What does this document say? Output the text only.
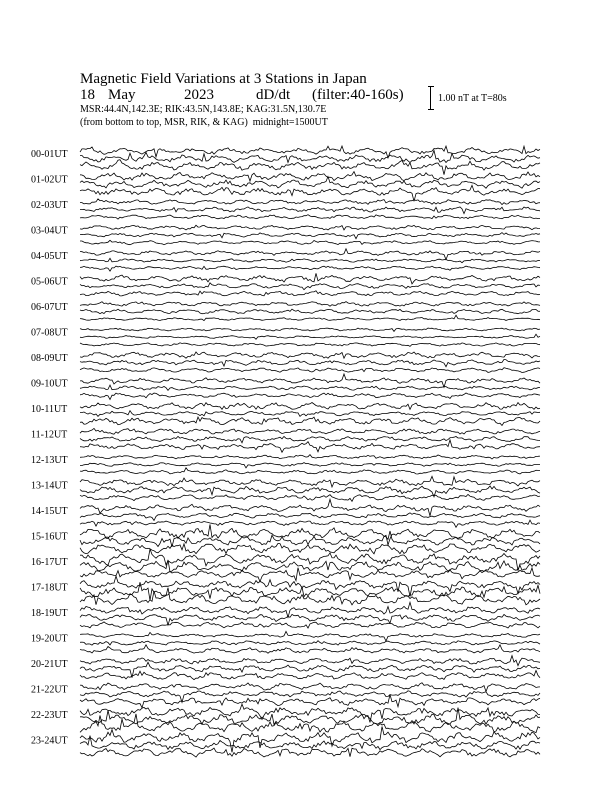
Magnetic Field Variations at 3 Stations in Japan
18 May	2023	dD/dt (filter:40-160s)
MSR:44.4N,142.3E; RIK:43.5N,143.8E; KAG:31.5N,130.7E
(from bottom to top, MSR, RIK, & KAG) midnight=1500UT
1.00 nT at T=80s
00-01UT
01-02UT
02-03UT
03-04UT
04-05UT
05-06UT
06-07UT
07-08UT
08-09UT
09-10UT
10-11UT
11-12UT
12-13UT
13-14UT
14-15UT
15-16UT
16-17UT
17-18UT
18-19UT
19-20UT
20-21UT
21-22UT
22-23UT
23-24UT
